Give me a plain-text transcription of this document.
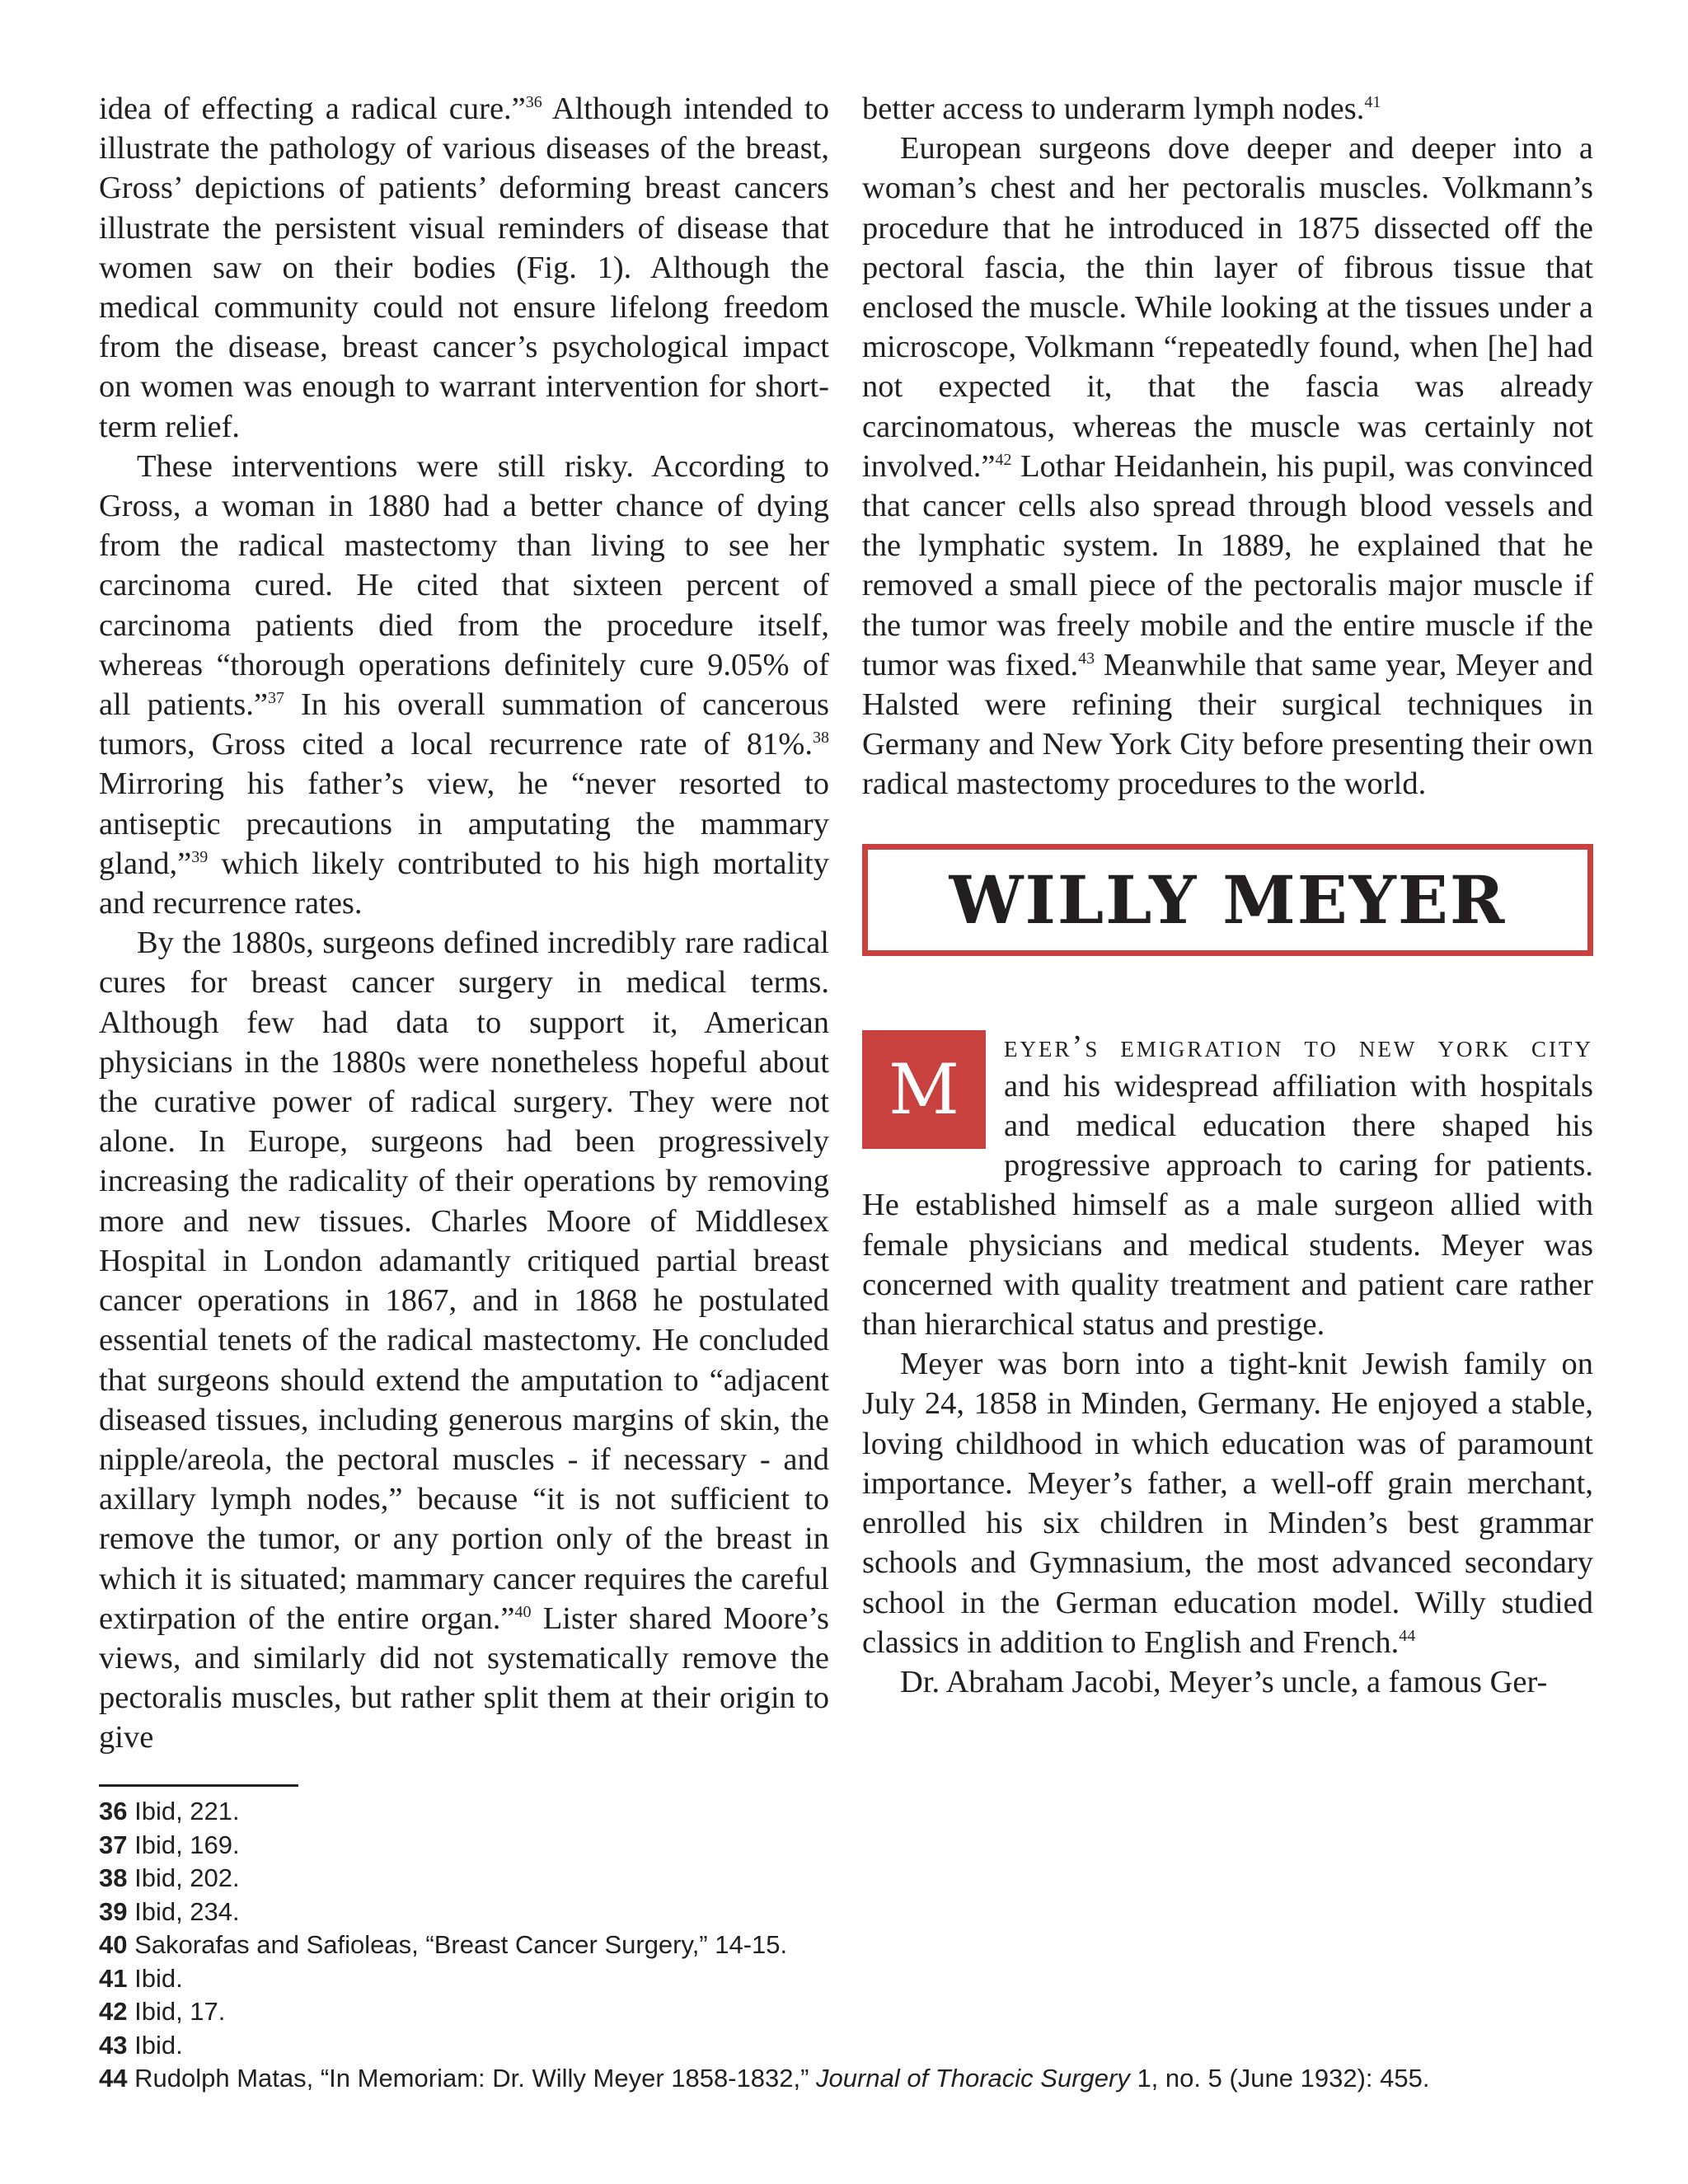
idea of effecting a radical cure.”$^{36}$ Although intended to illustrate the pathology of various diseases of the breast, Gross’ depictions of patients’ deforming breast cancers illustrate the persistent visual reminders of disease that women saw on their bodies (Fig. 1). Although the medical community could not ensure lifelong freedom from the disease, breast cancer’s psychological impact on women was enough to warrant intervention for short-term relief.

These interventions were still risky. According to Gross, a woman in 1880 had a better chance of dying from the radical mastectomy than living to see her carcinoma cured. He cited that sixteen percent of carcinoma patients died from the procedure itself, whereas “thorough operations definitely cure 9.05% of all patients.”$^{37}$ In his overall summation of cancerous tumors, Gross cited a local recurrence rate of 81%.$^{38}$ Mirroring his father’s view, he “never resorted to antiseptic precautions in amputating the mammary gland,”$^{39}$ which likely contributed to his high mortality and recurrence rates.

By the 1880s, surgeons defined incredibly rare radical cures for breast cancer surgery in medical terms. Although few had data to support it, American physicians in the 1880s were nonetheless hopeful about the curative power of radical surgery. They were not alone. In Europe, surgeons had been progressively increasing the radicality of their operations by removing more and new tissues. Charles Moore of Middlesex Hospital in London adamantly critiqued partial breast cancer operations in 1867, and in 1868 he postulated essential tenets of the radical mastectomy. He concluded that surgeons should extend the amputation to “adjacent diseased tissues, including generous margins of skin, the nipple/areola, the pectoral muscles - if necessary - and axillary lymph nodes,” because “it is not sufficient to remove the tumor, or any portion only of the breast in which it is situated; mammary cancer requires the careful extirpation of the entire organ.”$^{40}$ Lister shared Moore’s views, and similarly did not systematically remove the pectoralis muscles, but rather split them at their origin to give

better access to underarm lymph nodes.$^{41}$

European surgeons dove deeper and deeper into a woman’s chest and her pectoralis muscles. Volkmann’s procedure that he introduced in 1875 dissected off the pectoral fascia, the thin layer of fibrous tissue that enclosed the muscle. While looking at the tissues under a microscope, Volkmann “repeatedly found, when [he] had not expected it, that the fascia was already carcinomatous, whereas the muscle was certainly not involved.”$^{42}$ Lothar Heidanhein, his pupil, was convinced that cancer cells also spread through blood vessels and the lymphatic system. In 1889, he explained that he removed a small piece of the pectoralis major muscle if the tumor was freely mobile and the entire muscle if the tumor was fixed.$^{43}$ Meanwhile that same year, Meyer and Halsted were refining their surgical techniques in Germany and New York City before presenting their own radical mastectomy procedures to the world.

WILLY MEYER

M
eyer’s emigration to new york city and his widespread affiliation with hospitals and medical education there shaped his progressive approach to caring for patients. He established himself as a male surgeon allied with female physicians and medical students. Meyer was concerned with quality treatment and patient care rather than hierarchical status and prestige.

Meyer was born into a tight-knit Jewish family on July 24, 1858 in Minden, Germany. He enjoyed a stable, loving childhood in which education was of paramount importance. Meyer’s father, a well-off grain merchant, enrolled his six children in Minden’s best grammar schools and Gymnasium, the most advanced secondary school in the German education model. Willy studied classics in addition to English and French.$^{44}$

Dr. Abraham Jacobi, Meyer’s uncle, a famous Ger-

36 Ibid, 221.
37 Ibid, 169.
38 Ibid, 202.
39 Ibid, 234.
40 Sakorafas and Safioleas, “Breast Cancer Surgery,” 14-15.
41 Ibid.
42 Ibid, 17.
43 Ibid.
44 Rudolph Matas, “In Memoriam: Dr. Willy Meyer 1858-1832,” Journal of Thoracic Surgery 1, no. 5 (June 1932): 455.
